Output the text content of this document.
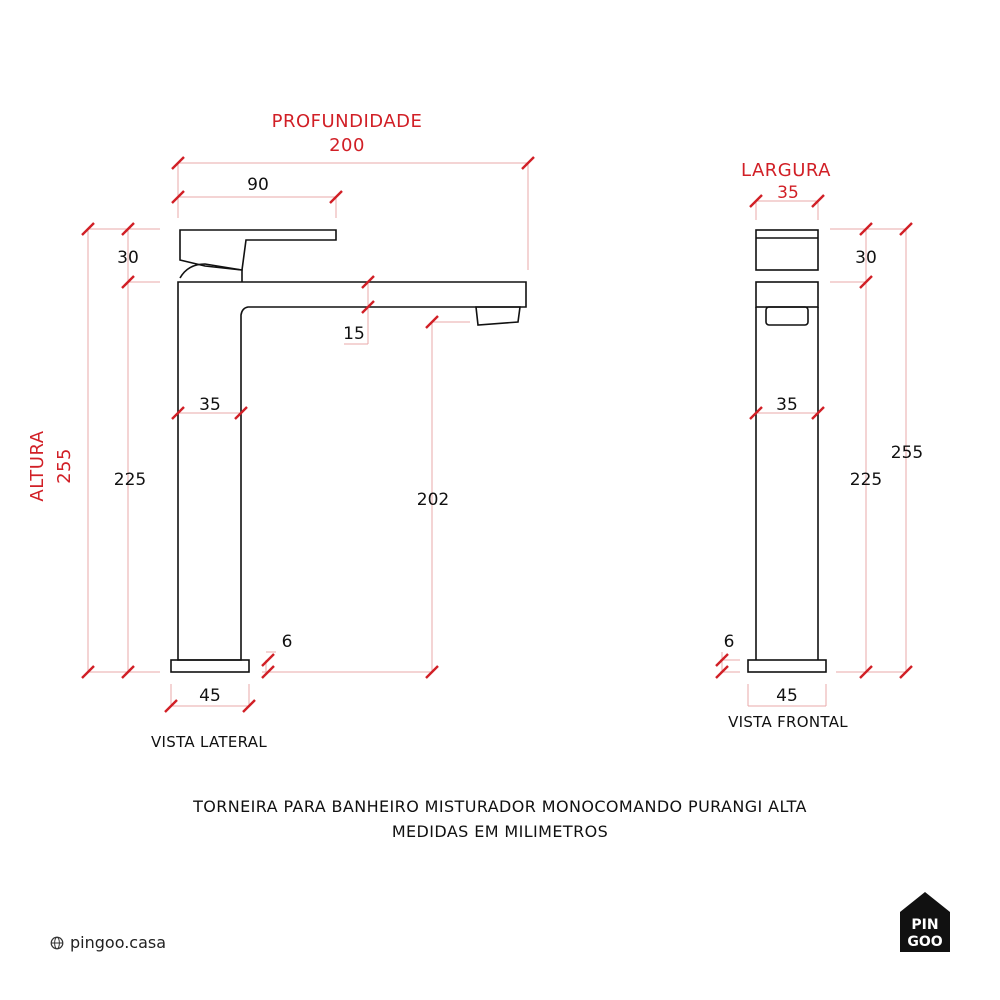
PROFUNDIDADE
200
LARGURA
35
ALTURA 255
90
30
15
35
225
202
6
45
VISTA LATERAL
30
35
225
255
6
45
VISTA FRONTAL
TORNEIRA PARA BANHEIRO MISTURADOR MONOCOMANDO PURANGI ALTA
MEDIDAS EM MILIMETROS
pingoo.casa
PIN
GOO
